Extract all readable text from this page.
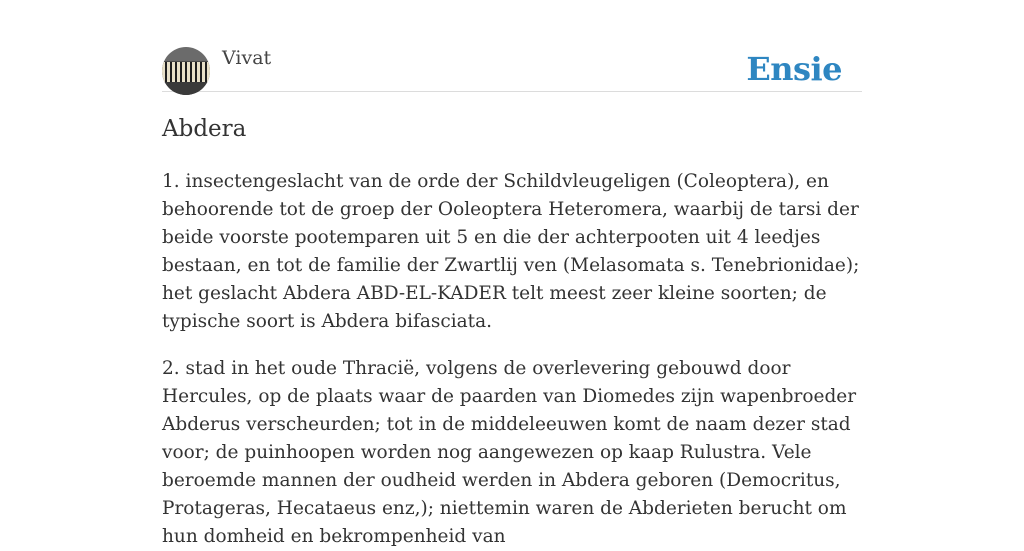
Vivat	Ensie
Abdera

1. insectengeslacht van de orde der Schildvleugeligen (Coleoptera), en behoorende tot de groep der Ooleoptera Heteromera, waarbij de tarsi der beide voorste pootemparen uit 5 en die der achterpooten uit 4 leedjes bestaan, en tot de familie der Zwartlij ven (Melasomata s. Tenebrionidae); het geslacht Abdera ABD-EL-KADER telt meest zeer kleine soorten; de typische soort is Abdera bifasciata.

2. stad in het oude Thracië, volgens de overlevering gebouwd door Hercules, op de plaats waar de paarden van Diomedes zijn wapenbroeder Abderus verscheurden; tot in de middeleeuwen komt de naam dezer stad voor; de puinhoopen worden nog aangewezen op kaap Rulustra. Vele beroemde mannen der oudheid werden in Abdera geboren (Democritus, Protageras, Hecataeus enz,); niettemin waren de Abderieten berucht om hun domheid en bekrompenheid van
